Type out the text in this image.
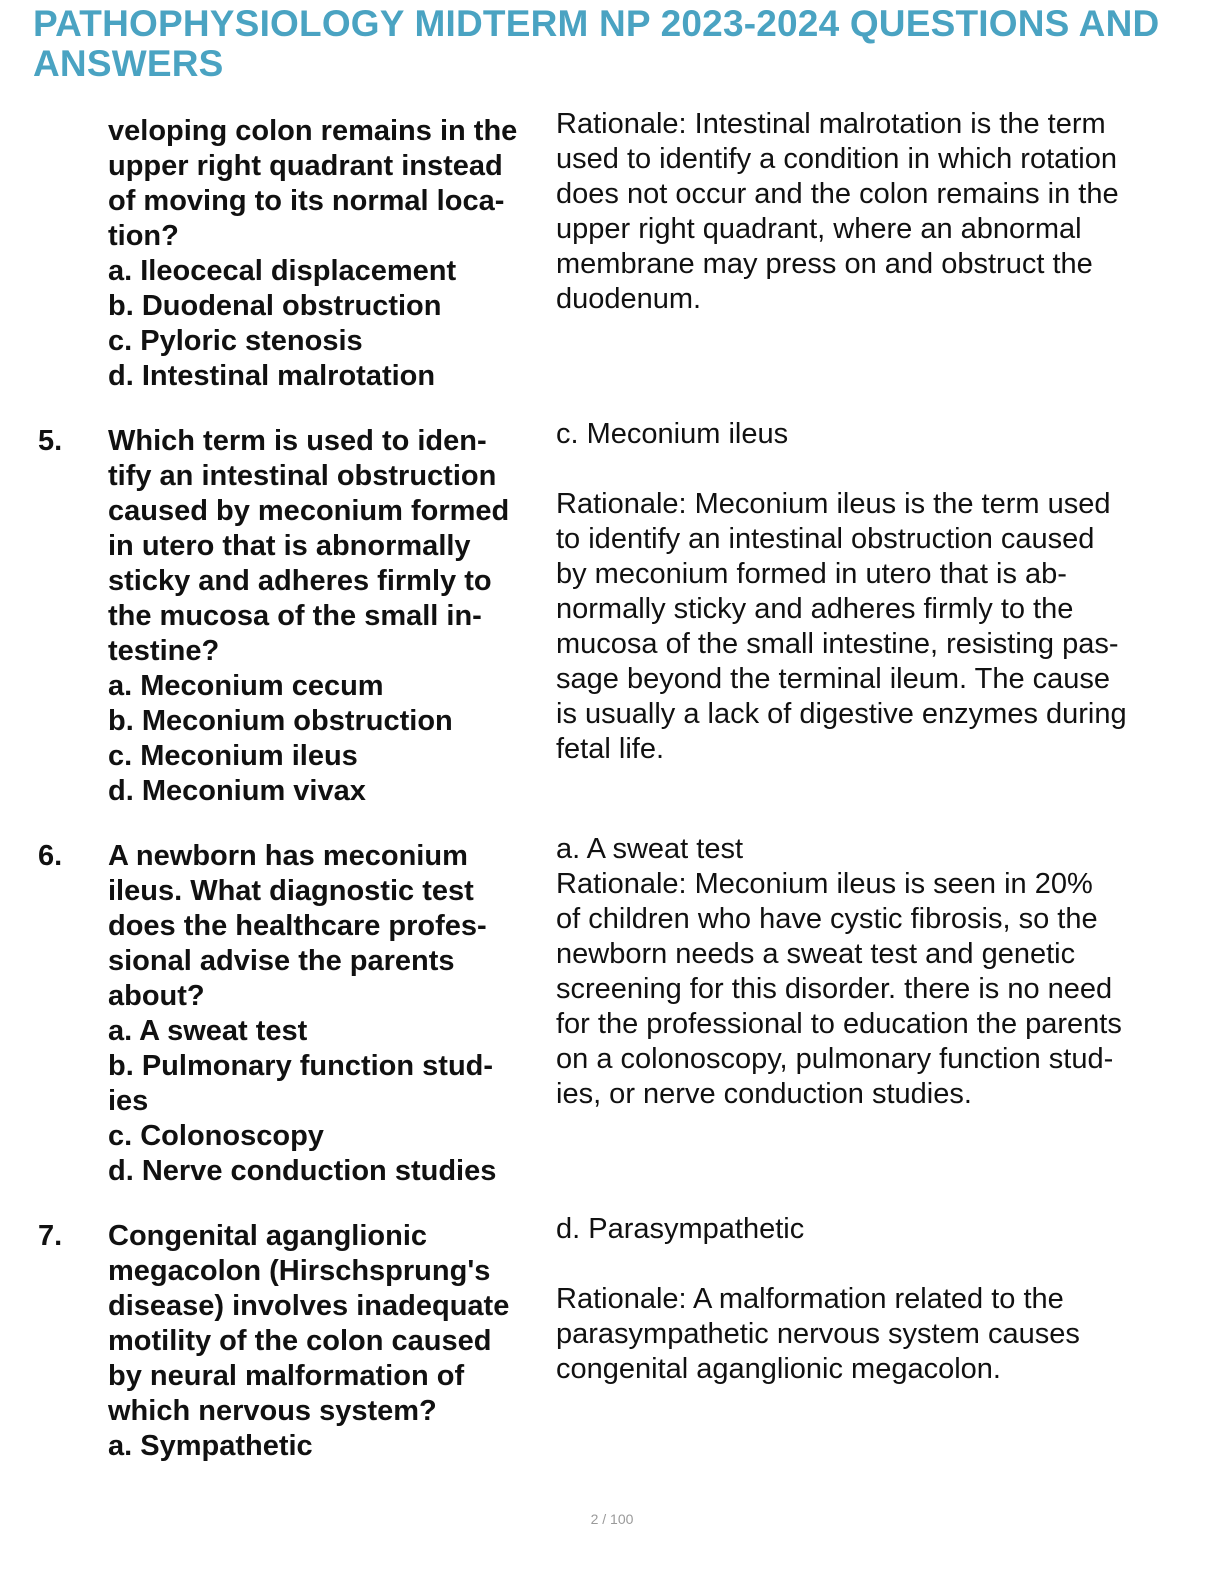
PATHOPHYSIOLOGY MIDTERM NP 2023-2024 QUESTIONS AND ANSWERS
veloping colon remains in the
upper right quadrant instead
of moving to its normal loca-
tion?
a. Ileocecal displacement
b. Duodenal obstruction
c. Pyloric stenosis
d. Intestinal malrotation

Rationale: Intestinal malrotation is the term

used to identify a condition in which rotation

does not occur and the colon remains in the

upper right quadrant, where an abnormal

membrane may press on and obstruct the

duodenum.

5. Which term is used to iden-
tify an intestinal obstruction
caused by meconium formed
in utero that is abnormally
sticky and adheres firmly to
the mucosa of the small in-
testine?
a. Meconium cecum
b. Meconium obstruction
c. Meconium ileus
d. Meconium vivax

c. Meconium ileus

Rationale: Meconium ileus is the term used

to identify an intestinal obstruction caused

by meconium formed in utero that is ab-

normally sticky and adheres firmly to the

mucosa of the small intestine, resisting pas-

sage beyond the terminal ileum. The cause

is usually a lack of digestive enzymes during

fetal life.

6. A newborn has meconium
ileus. What diagnostic test
does the healthcare profes-
sional advise the parents
about?
a. A sweat test
b. Pulmonary function stud-
ies
c. Colonoscopy
d. Nerve conduction studies

a. A sweat test

Rationale: Meconium ileus is seen in 20%

of children who have cystic fibrosis, so the

newborn needs a sweat test and genetic

screening for this disorder. there is no need

for the professional to education the parents

on a colonoscopy, pulmonary function stud-

ies, or nerve conduction studies.

7. Congenital aganglionic
megacolon (Hirschsprung's
disease) involves inadequate
motility of the colon caused
by neural malformation of
which nervous system?
a. Sympathetic

d. Parasympathetic

Rationale: A malformation related to the

parasympathetic nervous system causes

congenital aganglionic megacolon.

2 / 100
